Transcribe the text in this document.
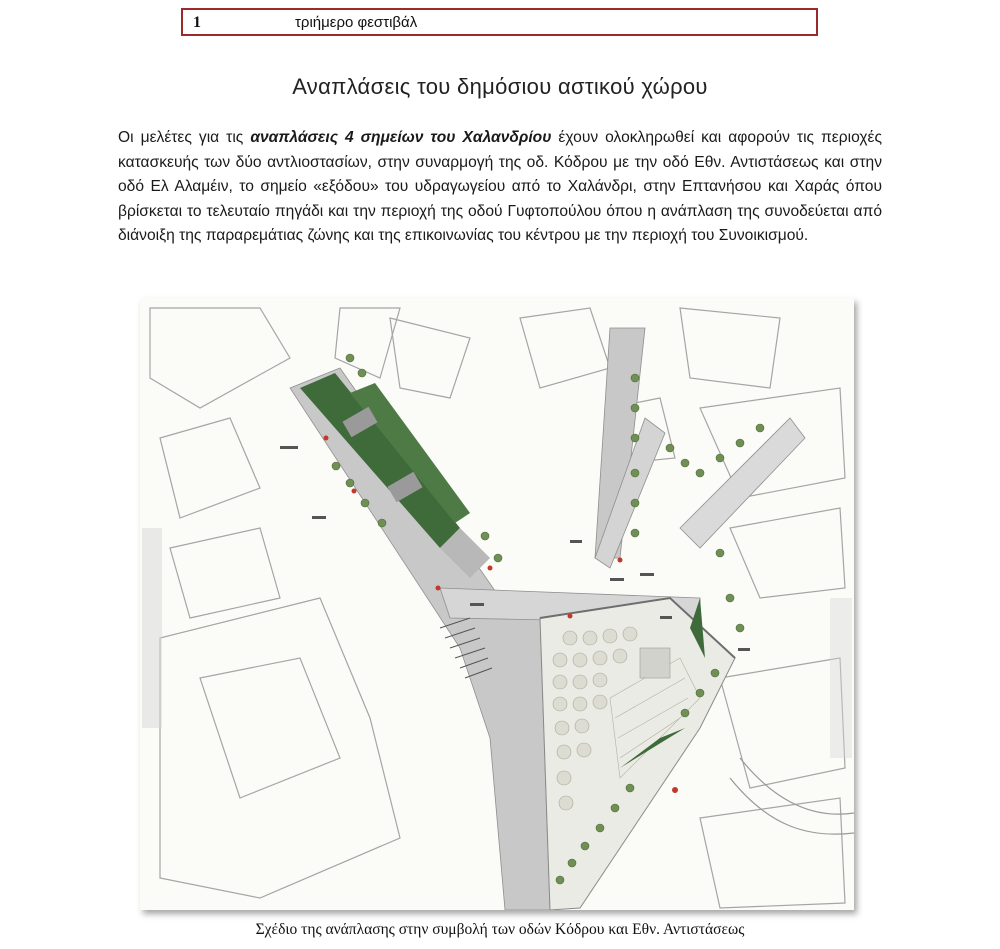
1	τριήμερο φεστιβάλ
Αναπλάσεις του δημόσιου αστικού χώρου
Οι μελέτες για τις αναπλάσεις 4 σημείων του Χαλανδρίου έχουν ολοκληρωθεί και αφορούν τις περιοχές κατασκευής των δύο αντλιοστασίων, στην συναρμογή της οδ. Κόδρου με την οδό Εθν. Αντιστάσεως και στην οδό Ελ Αλαμέιν, το σημείο «εξόδου» του υδραγωγείου από το Χαλάνδρι, στην Επτανήσου και Χαράς όπου βρίσκεται το τελευταίο πηγάδι και την περιοχή της οδού Γυφτοπούλου όπου η ανάπλαση της συνοδεύεται από διάνοιξη της παραρεμάτιας ζώνης και της επικοινωνίας του κέντρου με την περιοχή του Συνοικισμού.
Σχέδιο της ανάπλασης στην συμβολή των οδών Κόδρου και Εθν. Αντιστάσεως
